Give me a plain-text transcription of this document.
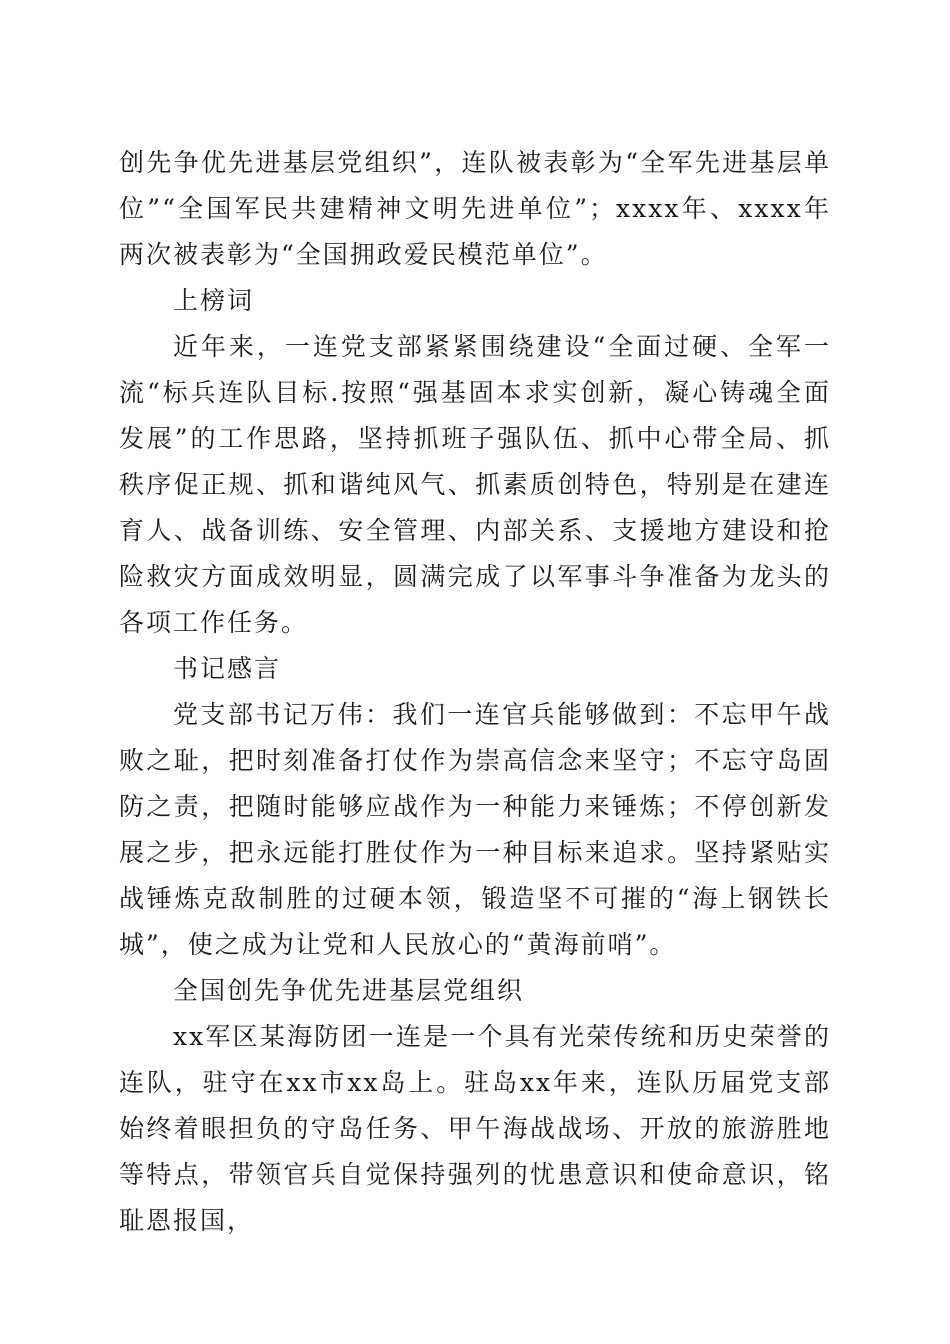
创先争优先进基层党组织”，连队被表彰为“全军先进基层单位”“全国军民共建精神文明先进单位”；xxxx年、xxxx年两次被表彰为“全国拥政爱民模范单位”。

上榜词

近年来，一连党支部紧紧围绕建设“全面过硬、全军一流“标兵连队目标.按照“强基固本求实创新，凝心铸魂全面发展”的工作思路，坚持抓班子强队伍、抓中心带全局、抓秩序促正规、抓和谐纯风气、抓素质创特色，特别是在建连育人、战备训练、安全管理、内部关系、支援地方建设和抢险救灾方面成效明显，圆满完成了以军事斗争准备为龙头的各项工作任务。

书记感言

党支部书记万伟：我们一连官兵能够做到：不忘甲午战败之耻，把时刻准备打仗作为崇高信念来坚守；不忘守岛固防之责，把随时能够应战作为一种能力来锤炼；不停创新发展之步，把永远能打胜仗作为一种目标来追求。坚持紧贴实战锤炼克敌制胜的过硬本领，锻造坚不可摧的“海上钢铁长城”，使之成为让党和人民放心的“黄海前哨”。

全国创先争优先进基层党组织

xx军区某海防团一连是一个具有光荣传统和历史荣誉的连队，驻守在xx市xx岛上。驻岛xx年来，连队历届党支部始终着眼担负的守岛任务、甲午海战战场、开放的旅游胜地等特点，带领官兵自觉保持强列的忧患意识和使命意识，铭耻恩报国，
